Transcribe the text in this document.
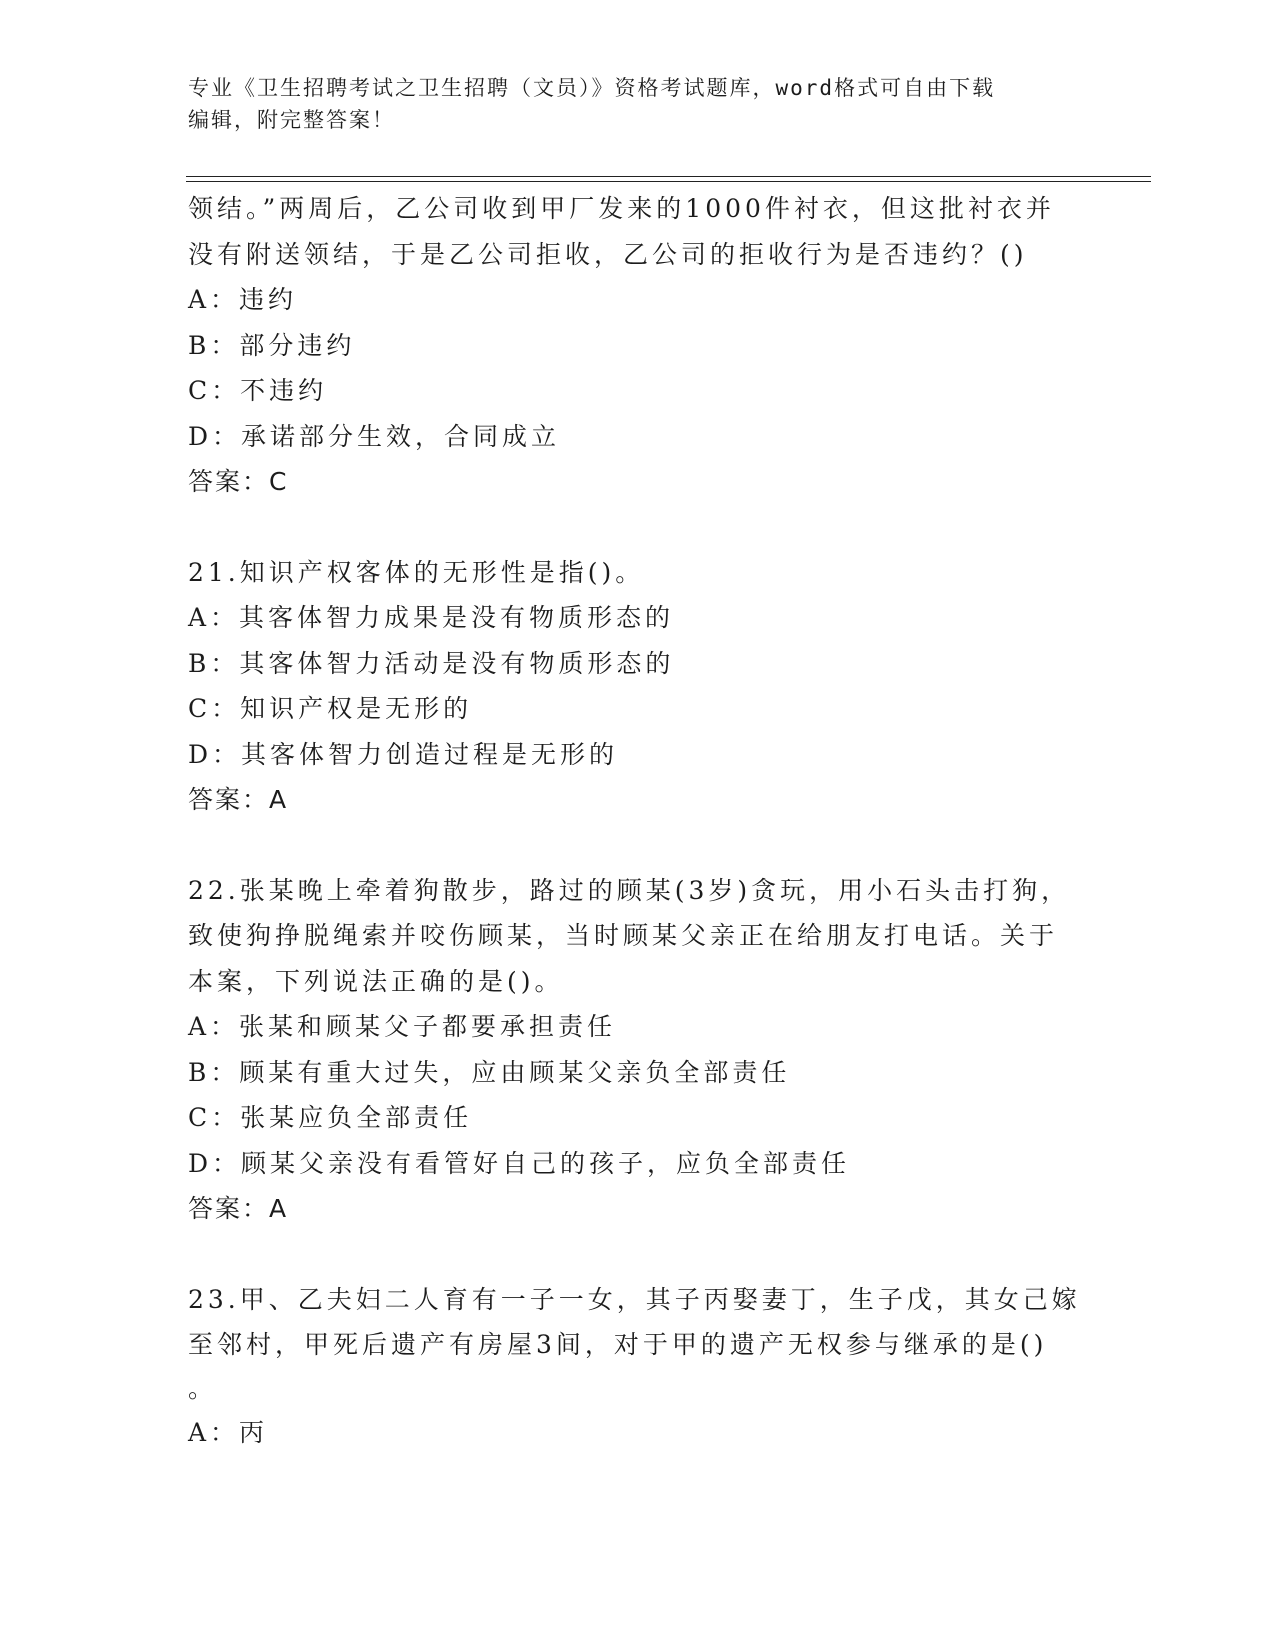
专业《卫生招聘考试之卫生招聘（文员）》资格考试题库，word格式可自由下载
编辑，附完整答案！
领结。”两周后，乙公司收到甲厂发来的1000件衬衣，但这批衬衣并
没有附送领结，于是乙公司拒收，乙公司的拒收行为是否违约？()
A：违约
B：部分违约
C：不违约
D：承诺部分生效，合同成立
答案：C
21.知识产权客体的无形性是指()。
A：其客体智力成果是没有物质形态的
B：其客体智力活动是没有物质形态的
C：知识产权是无形的
D：其客体智力创造过程是无形的
答案：A
22.张某晚上牵着狗散步，路过的顾某(3岁)贪玩，用小石头击打狗，
致使狗挣脱绳索并咬伤顾某，当时顾某父亲正在给朋友打电话。关于
本案，下列说法正确的是()。
A：张某和顾某父子都要承担责任
B：顾某有重大过失，应由顾某父亲负全部责任
C：张某应负全部责任
D：顾某父亲没有看管好自己的孩子，应负全部责任
答案：A
23.甲、乙夫妇二人育有一子一女，其子丙娶妻丁，生子戊，其女己嫁
至邻村，甲死后遗产有房屋3间，对于甲的遗产无权参与继承的是()
。
A：丙
